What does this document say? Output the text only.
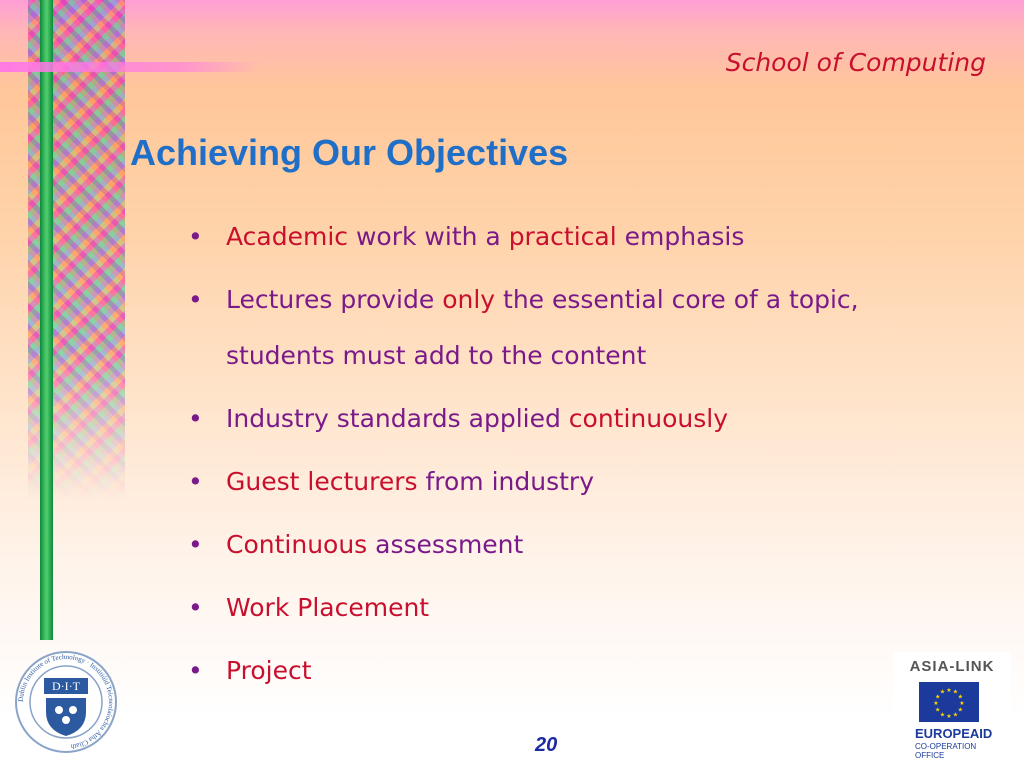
School of Computing
Achieving Our Objectives
• Academic work with a practical emphasis
• Lectures provide only the essential core of a topic,
students must add to the content
• Industry standards applied continuously
• Guest lecturers from industry
• Continuous assessment
• Work Placement
• Project
Dublin Institute of Technology · Institiúid Teicneolaíochta Átha Cliath
D·I·T
ASIA-LINK
★
★
★
★
★
★
★
★
★ ★ ★
★
EUROPEAID
CO-OPERATION OFFICE
20
